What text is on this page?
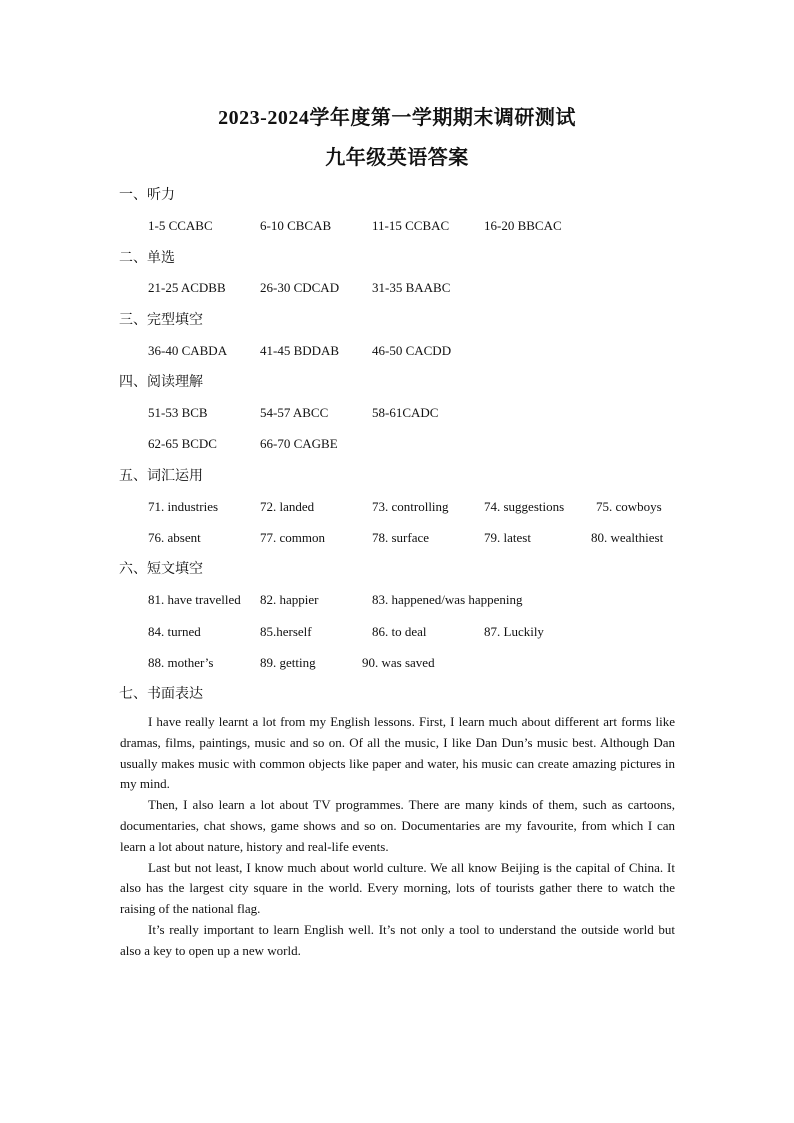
2023-2024学年度第一学期期末调研测试
九年级英语答案
一、听力
1-5 CCABC	6-10 CBCAB	11-15 CCBAC	16-20 BBCAC
二、单选
21-25 ACDBB	26-30 CDCAD	31-35 BAABC
三、完型填空
36-40 CABDA	41-45 BDDAB	46-50 CACDD
四、阅读理解
51-53 BCB	54-57 ABCC	58-61CADC
62-65 BCDC	66-70 CAGBE
五、词汇运用
71. industries	72. landed	73. controlling	74. suggestions 75. cowboys
76. absent	77. common	78. surface	79. latest	80. wealthiest
六、短文填空
81. have travelled 82. happier	83. happened/was happening
84. turned	85.herself	86. to deal	87. Luckily
88. mother’s	89. getting	90. was saved
七、书面表达

I have really learnt a lot from my English lessons. First, I learn much about different art forms like dramas, films, paintings, music and so on. Of all the music, I like Dan Dun’s music best. Although Dan usually makes music with common objects like paper and water, his music can create amazing pictures in my mind.

Then, I also learn a lot about TV programmes. There are many kinds of them, such as cartoons, documentaries, chat shows, game shows and so on. Documentaries are my favourite, from which I can learn a lot about nature, history and real-life events.

Last but not least, I know much about world culture. We all know Beijing is the capital of China. It also has the largest city square in the world. Every morning, lots of tourists gather there to watch the raising of the national flag.

It’s really important to learn English well. It’s not only a tool to understand the outside world but also a key to open up a new world.
